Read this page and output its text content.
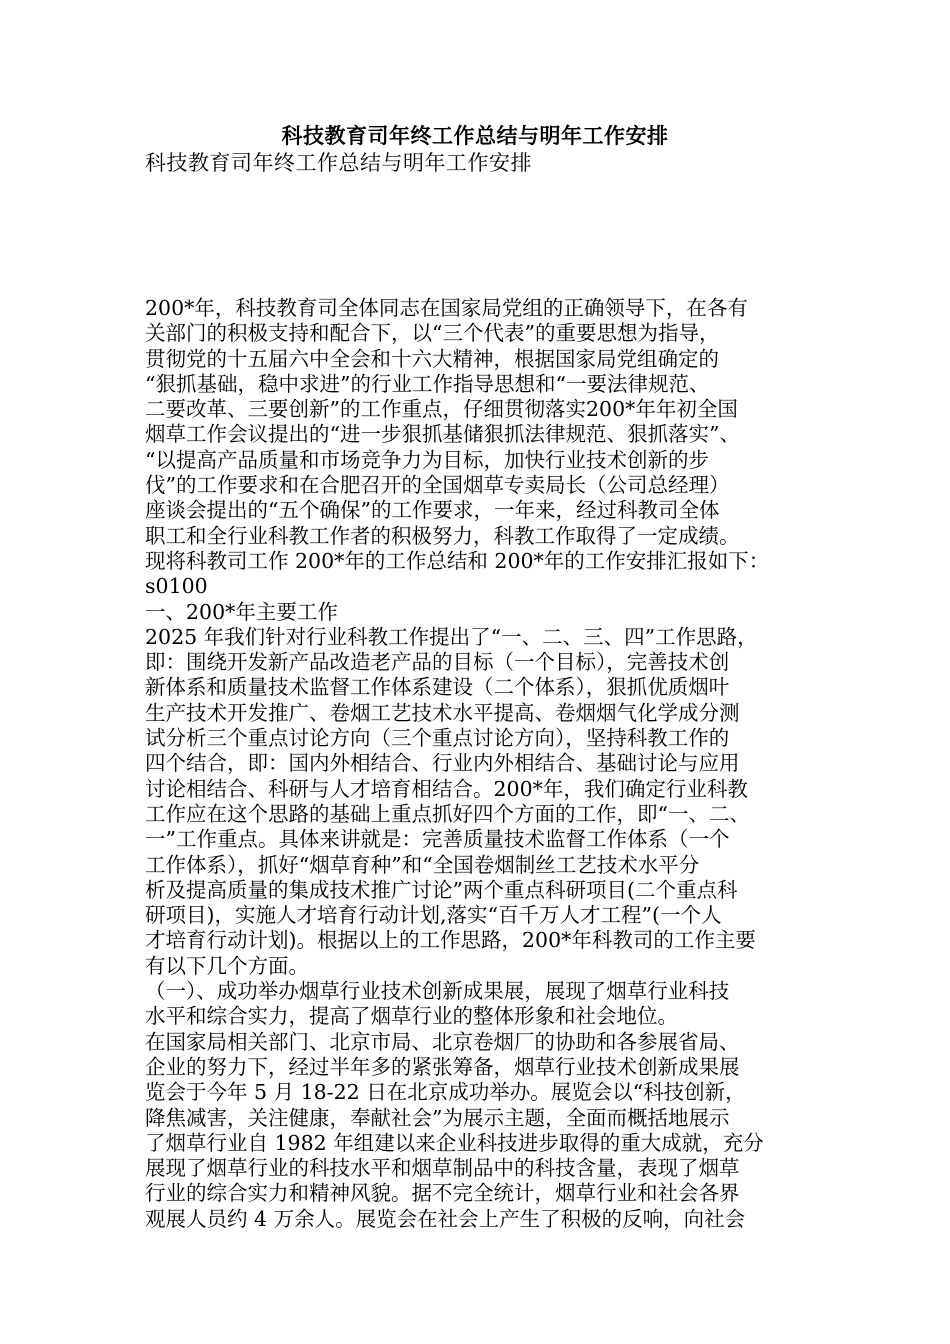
科技教育司年终工作总结与明年工作安排
科技教育司年终工作总结与明年工作安排
200*年，科技教育司全体同志在国家局党组的正确领导下，在各有
关部门的积极支持和配合下，以“三个代表”的重要思想为指导，
贯彻党的十五届六中全会和十六大精神，根据国家局党组确定的
“狠抓基础，稳中求进”的行业工作指导思想和“一要法律规范、
二要改革、三要创新”的工作重点，仔细贯彻落实200*年年初全国
烟草工作会议提出的“进一步狠抓基储狠抓法律规范、狠抓落实”、
“以提高产品质量和市场竞争力为目标，加快行业技术创新的步
伐”的工作要求和在合肥召开的全国烟草专卖局长（公司总经理）
座谈会提出的“五个确保”的工作要求，一年来，经过科教司全体
职工和全行业科教工作者的积极努力，科教工作取得了一定成绩。
现将科教司工作 200*年的工作总结和 200*年的工作安排汇报如下：
s0100
一、200*年主要工作
2025 年我们针对行业科教工作提出了“一、二、三、四”工作思路，
即：围绕开发新产品改造老产品的目标（一个目标），完善技术创
新体系和质量技术监督工作体系建设（二个体系），狠抓优质烟叶
生产技术开发推广、卷烟工艺技术水平提高、卷烟烟气化学成分测
试分析三个重点讨论方向（三个重点讨论方向），坚持科教工作的
四个结合，即：国内外相结合、行业内外相结合、基础讨论与应用
讨论相结合、科研与人才培育相结合。200*年，我们确定行业科教
工作应在这个思路的基础上重点抓好四个方面的工作，即“一、二、
一”工作重点。具体来讲就是：完善质量技术监督工作体系（一个
工作体系），抓好“烟草育种”和“全国卷烟制丝工艺技术水平分
析及提高质量的集成技术推广讨论”两个重点科研项目(二个重点科
研项目)，实施人才培育行动计划,落实“百千万人才工程”(一个人
才培育行动计划)。根据以上的工作思路，200*年科教司的工作主要
有以下几个方面。
（一）、成功举办烟草行业技术创新成果展，展现了烟草行业科技
水平和综合实力，提高了烟草行业的整体形象和社会地位。
在国家局相关部门、北京市局、北京卷烟厂的协助和各参展省局、
企业的努力下，经过半年多的紧张筹备，烟草行业技术创新成果展
览会于今年 5 月 18-22 日在北京成功举办。展览会以“科技创新，
降焦减害，关注健康，奉献社会”为展示主题，全面而概括地展示
了烟草行业自 1982 年组建以来企业科技进步取得的重大成就，充分
展现了烟草行业的科技水平和烟草制品中的科技含量，表现了烟草
行业的综合实力和精神风貌。据不完全统计，烟草行业和社会各界
观展人员约 4 万余人。展览会在社会上产生了积极的反响，向社会
